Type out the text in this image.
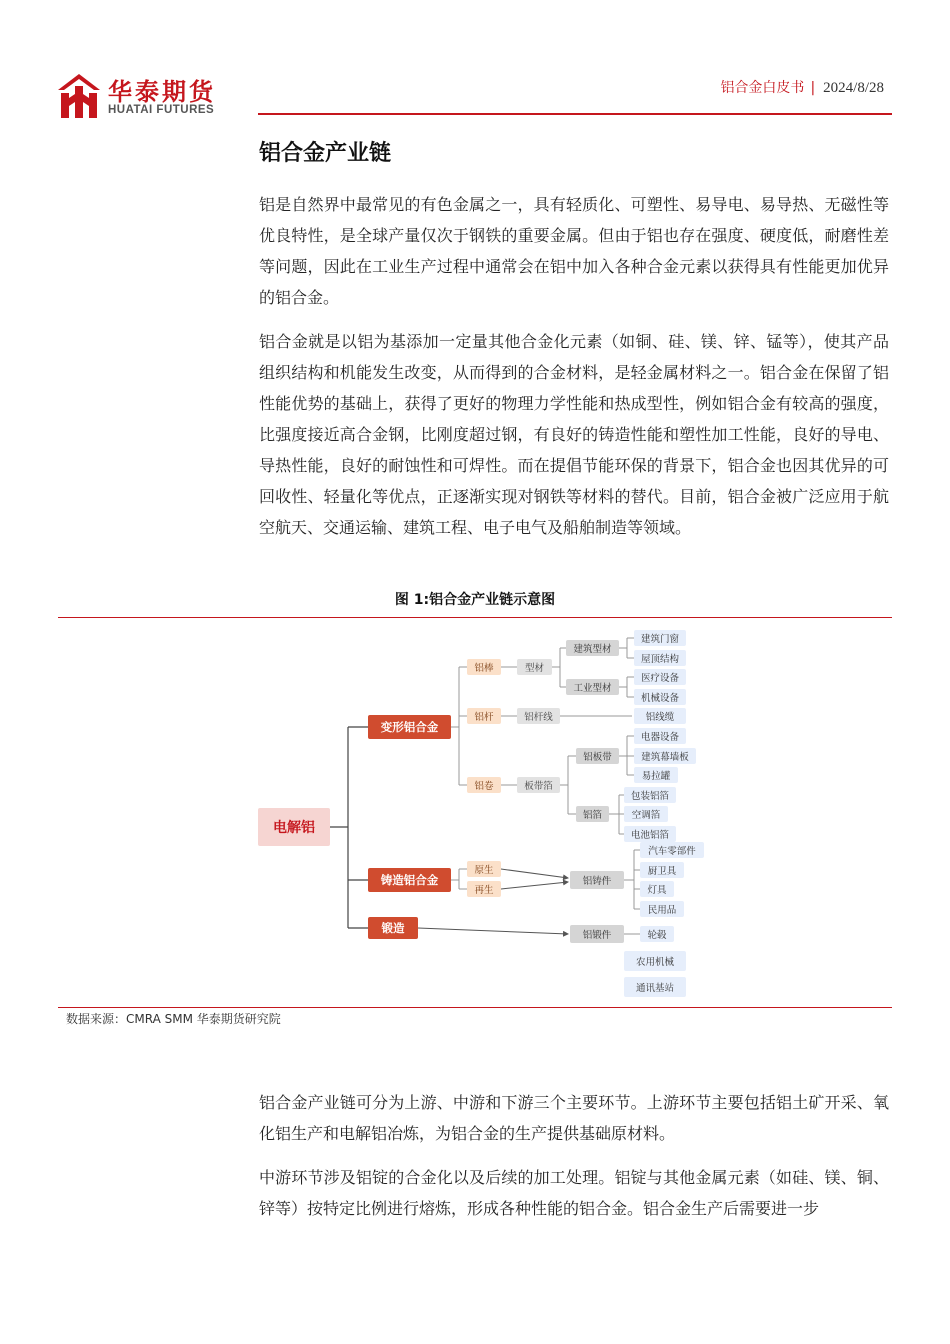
华泰期货
HUATAI FUTURES
铝合金白皮书 | 2024/8/28
铝合金产业链

铝是自然界中最常见的有色金属之一，具有轻质化、可塑性、易导电、易导热、无磁性等优良特性，是全球产量仅次于钢铁的重要金属。但由于铝也存在强度、硬度低，耐磨性差等问题，因此在工业生产过程中通常会在铝中加入各种合金元素以获得具有性能更加优异的铝合金。

铝合金就是以铝为基添加一定量其他合金化元素（如铜、硅、镁、锌、锰等），使其产品组织结构和机能发生改变，从而得到的合金材料，是轻金属材料之一。铝合金在保留了铝性能优势的基础上，获得了更好的物理力学性能和热成型性，例如铝合金有较高的强度，比强度接近高合金钢，比刚度超过钢，有良好的铸造性能和塑性加工性能，良好的导电、导热性能，良好的耐蚀性和可焊性。而在提倡节能环保的背景下，铝合金也因其优异的可回收性、轻量化等优点，正逐渐实现对钢铁等材料的替代。目前，铝合金被广泛应用于航空航天、交通运输、建筑工程、电子电气及船舶制造等领域。

图 1:铝合金产业链示意图
电解铝
变形铝合金
铸造铝合金
锻造
铝棒
铝杆
铝卷
原生
再生
型材
铝杆线
板带箔
建筑型材
工业型材
铝板带
铝箔
铝铸件
铝锻件
建筑门窗
屋顶结构
医疗设备
机械设备
铝线缆
电器设备
建筑幕墙板
易拉罐
包装铝箔
空调箔
电池铝箔
汽车零部件
厨卫具
灯具
民用品
轮毂
农用机械
通讯基站
数据来源：CMRA SMM 华泰期货研究院

铝合金产业链可分为上游、中游和下游三个主要环节。上游环节主要包括铝土矿开采、氧化铝生产和电解铝冶炼，为铝合金的生产提供基础原材料。

中游环节涉及铝锭的合金化以及后续的加工处理。铝锭与其他金属元素（如硅、镁、铜、锌等）按特定比例进行熔炼，形成各种性能的铝合金。铝合金生产后需要进一步
